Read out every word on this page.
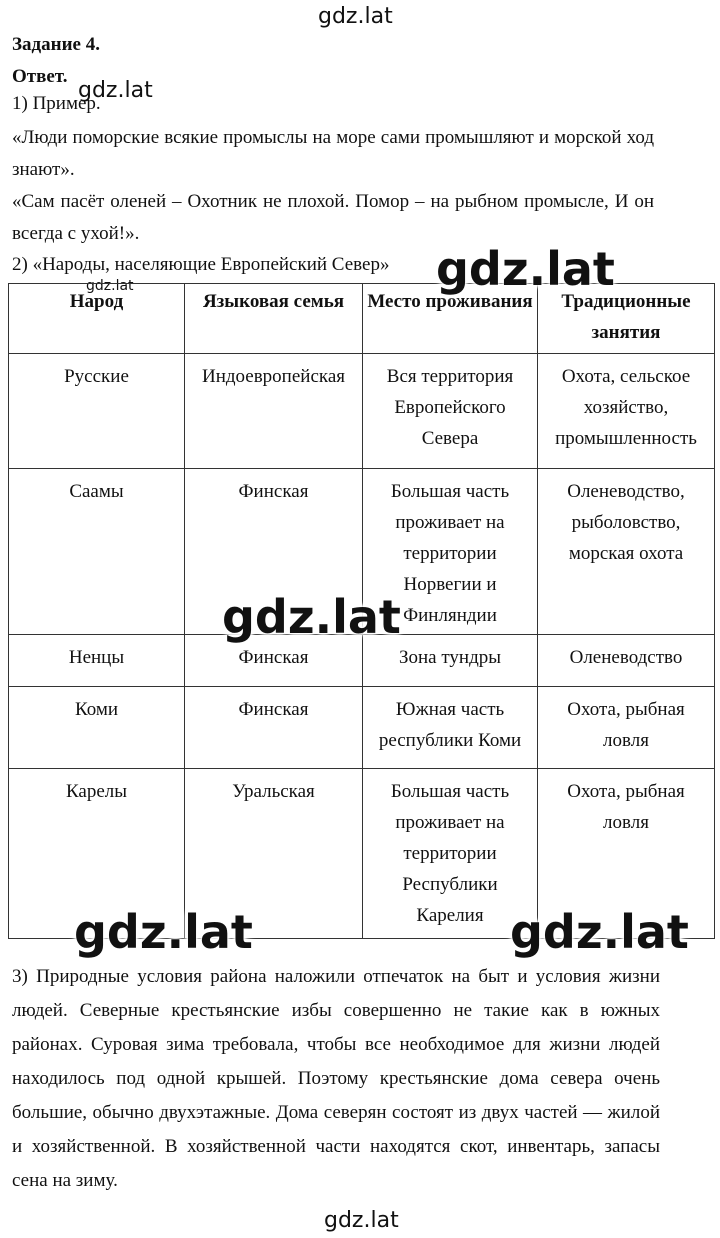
gdz.lat
Задание 4.
Ответ.
gdz.lat
1) Пример.
«Люди поморские всякие промыслы на море сами промышляют и морской ход знают».
«Сам пасёт оленей – Охотник не плохой. Помор – на рыбном промысле, И он всегда с ухой!».
2) «Народы, населяющие Европейский Север»
gdz.lat
Народ	Языковая семья	Место проживания	Традиционные занятия
Русские	Индоевропейская	Вся территория Европейского Севера	Охота, сельское хозяйство, промышленность
Саамы	Финская	Большая часть проживает на территории Норвегии и Финляндии	Оленеводство, рыболовство, морская охота
Ненцы	Финская	Зона тундры	Оленеводство
Коми	Финская	Южная часть республики Коми	Охота, рыбная ловля
Карелы	Уральская	Большая часть проживает на территории Республики Карелия	Охота, рыбная ловля
gdz.lat
gdz.lat
gdz.lat	gdz.lat
3) Природные условия района наложили отпечаток на быт и условия жизни людей. Северные крестьянские избы совершенно не такие как в южных районах. Суровая зима требовала, чтобы все необходимое для жизни людей находилось под одной крышей. Поэтому крестьянские дома севера очень большие, обычно двухэтажные. Дома северян состоят из двух частей — жилой и хозяйственной. В хозяйственной части находятся скот, инвентарь, запасы сена на зиму.
gdz.lat
